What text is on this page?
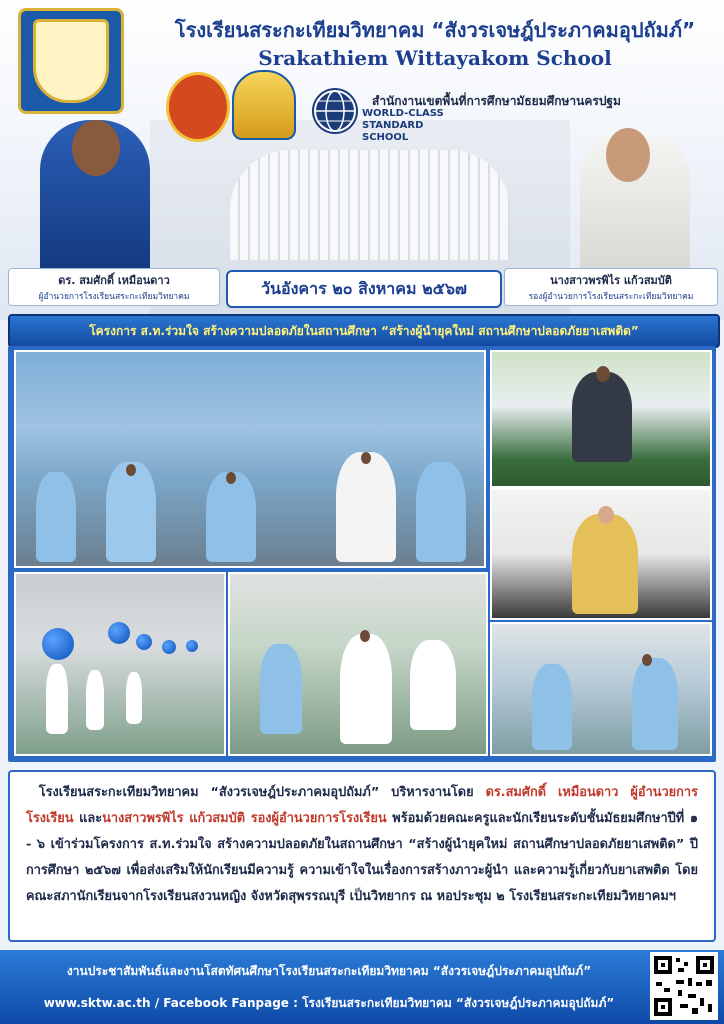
โรงเรียนสระกะเทียมวิทยาคม “สังวรเจษฎ์ประภาคมอุปถัมภ์”
Srakathiem Wittayakom School
WORLD-CLASS STANDARD SCHOOL
สำนักงานเขตพื้นที่การศึกษามัธยมศึกษานครปฐม
ดร. สมศักดิ์ เหมือนดาว
ผู้อำนวยการโรงเรียนสระกะเทียมวิทยาคม	วันอังคาร ๒๐ สิงหาคม ๒๕๖๗	นางสาวพรพิไร แก้วสมบัติ
รองผู้อำนวยการโรงเรียนสระกะเทียมวิทยาคม
โครงการ ส.ท.ร่วมใจ สร้างความปลอดภัยในสถานศึกษา “สร้างผู้นำยุคใหม่ สถานศึกษาปลอดภัยยาเสพติด”

 โรงเรียนสระกะเทียมวิทยาคม “สังวรเจษฎ์ประภาคมอุปถัมภ์” บริหารงานโดย ดร.สมศักดิ์ เหมือนดาว ผู้อำนวยการโรงเรียน และนางสาวพรพิไร แก้วสมบัติ รองผู้อำนวยการโรงเรียน พร้อมด้วยคณะครูและนักเรียนระดับชั้นมัธยมศึกษาปีที่ ๑ - ๖ เข้าร่วมโครงการ ส.ท.ร่วมใจ สร้างความปลอดภัยในสถานศึกษา “สร้างผู้นำยุคใหม่ สถานศึกษาปลอดภัยยาเสพติด” ปีการศึกษา ๒๕๖๗ เพื่อส่งเสริมให้นักเรียนมีความรู้ ความเข้าใจในเรื่องการสร้างภาวะผู้นำ และความรู้เกี่ยวกับยาเสพติด โดยคณะสภานักเรียนจากโรงเรียนสงวนหญิง จังหวัดสุพรรณบุรี เป็นวิทยากร ณ หอประชุม ๒ โรงเรียนสระกะเทียมวิทยาคมฯ

งานประชาสัมพันธ์และงานโสตทัศนศึกษาโรงเรียนสระกะเทียมวิทยาคม “สังวรเจษฎ์ประภาคมอุปถัมภ์”
www.sktw.ac.th / Facebook Fanpage : โรงเรียนสระกะเทียมวิทยาคม “สังวรเจษฎ์ประภาคมอุปถัมภ์”
